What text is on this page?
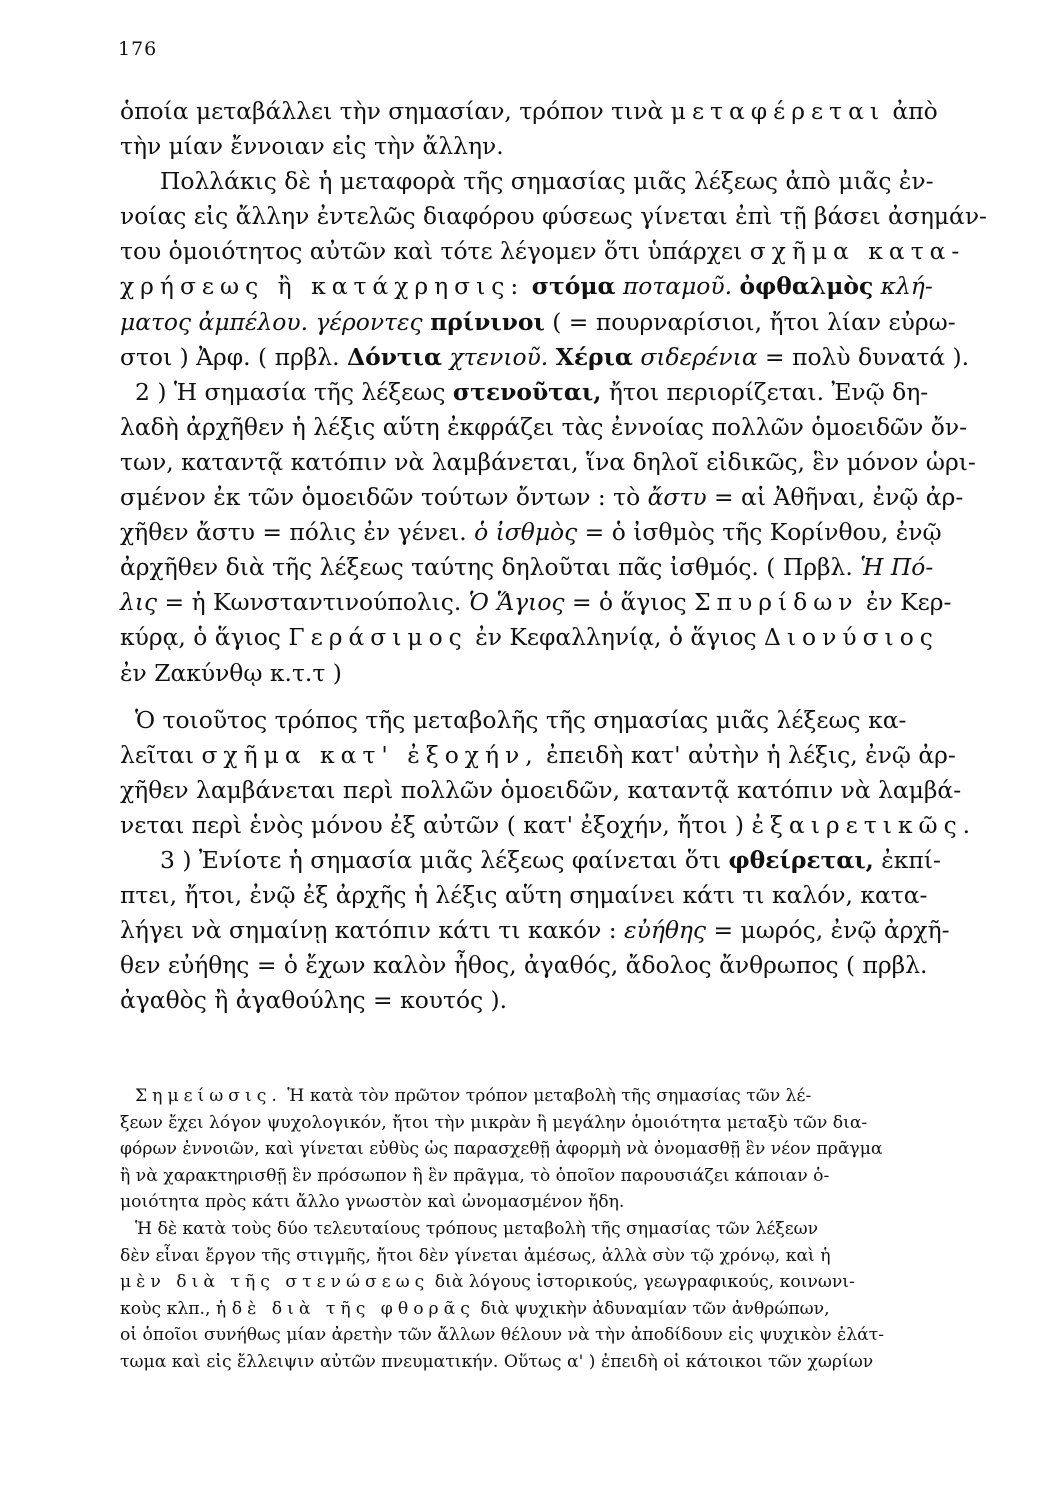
176
ὁποία μεταβάλλει τὴν σημασίαν, τρόπον τινὰ μεταφέρεται ἀπὸ
τὴν μίαν ἔννοιαν εἰς τὴν ἄλλην.
Πολλάκις δὲ ἡ μεταφορὰ τῆς σημασίας μιᾶς λέξεως ἀπὸ μιᾶς ἐν-
νοίας εἰς ἄλλην ἐντελῶς διαφόρου φύσεως γίνεται ἐπὶ τῇ βάσει ἀσημάν-
του ὁμοιότητος αὐτῶν καὶ τότε λέγομεν ὅτι ὑπάρχει σχῆμα κατα-
χρήσεως ἢ κατάχρησις: στόμα ποταμοῦ. ὀφθαλμὸς κλή-
ματος ἀμπέλου. γέροντες πρίνινοι ( = πουρναρίσιοι, ἤτοι λίαν εὐρω-
στοι ) Ἀρφ. ( πρβλ. Δόντια χτενιοῦ. Χέρια σιδερένια = πολὺ δυνατά ).
2 ) Ἡ σημασία τῆς λέξεως στενοῦται, ἤτοι περιορίζεται. Ἐνῷ δη-
λαδὴ ἀρχῆθεν ἡ λέξις αὕτη ἐκφράζει τὰς ἐννοίας πολλῶν ὁμοειδῶν ὄν-
των, καταντᾷ κατόπιν νὰ λαμβάνεται, ἵνα δηλοῖ εἰδικῶς, ἓν μόνον ὡρι-
σμένον ἐκ τῶν ὁμοειδῶν τούτων ὄντων : τὸ ἄστυ = αἱ Ἀθῆναι, ἐνῷ ἀρ-
χῆθεν ἄστυ = πόλις ἐν γένει. ὁ ἰσθμὸς = ὁ ἰσθμὸς τῆς Κορίνθου, ἐνῷ
ἀρχῆθεν διὰ τῆς λέξεως ταύτης δηλοῦται πᾶς ἰσθμός. ( Πρβλ. Ἡ Πό-
λις = ἡ Κωνσταντινούπολις. Ὁ Ἅγιος = ὁ ἅγιος Σπυρίδων ἐν Κερ-
κύρᾳ, ὁ ἅγιος Γεράσιμος ἐν Κεφαλληνίᾳ, ὁ ἅγιος Διονύσιος
ἐν Ζακύνθῳ κ.τ.τ )
Ὁ τοιοῦτος τρόπος τῆς μεταβολῆς τῆς σημασίας μιᾶς λέξεως κα-
λεῖται σχῆμα κατ' ἐξοχήν, ἐπειδὴ κατ' αὐτὴν ἡ λέξις, ἐνῷ ἀρ-
χῆθεν λαμβάνεται περὶ πολλῶν ὁμοειδῶν, καταντᾷ κατόπιν νὰ λαμβά-
νεται περὶ ἑνὸς μόνου ἐξ αὐτῶν ( κατ' ἐξοχήν, ἤτοι ) ἐξαιρετικῶς.
3 ) Ἐνίοτε ἡ σημασία μιᾶς λέξεως φαίνεται ὅτι φθείρεται, ἐκπί-
πτει, ἤτοι, ἐνῷ ἐξ ἀρχῆς ἡ λέξις αὕτη σημαίνει κάτι τι καλόν, κατα-
λήγει νὰ σημαίνῃ κατόπιν κάτι τι κακόν : εὐήθης = μωρός, ἐνῷ ἀρχῆ-
θεν εὐήθης = ὁ ἔχων καλὸν ἦθος, ἀγαθός, ἄδολος ἄνθρωπος ( πρβλ.
ἀγαθὸς ἢ ἀγαθούλης = κουτός ).
Σημείωσις. Ἡ κατὰ τὸν πρῶτον τρόπον μεταβολὴ τῆς σημασίας τῶν λέ-
ξεων ἔχει λόγον ψυχολογικόν, ἤτοι τὴν μικρὰν ἢ μεγάλην ὁμοιότητα μεταξὺ τῶν δια-
φόρων ἐννοιῶν, καὶ γίνεται εὐθὺς ὡς παρασχεθῇ ἀφορμὴ νὰ ὀνομασθῇ ἓν νέον πρᾶγμα
ἢ νὰ χαρακτηρισθῇ ἓν πρόσωπον ἢ ἓν πρᾶγμα, τὸ ὁποῖον παρουσιάζει κάποιαν ὁ-
μοιότητα πρὸς κάτι ἄλλο γνωστὸν καὶ ὠνομασμένον ἤδη.
Ἡ δὲ κατὰ τοὺς δύο τελευταίους τρόπους μεταβολὴ τῆς σημασίας τῶν λέξεων
δὲν εἶναι ἔργον τῆς στιγμῆς, ἤτοι δὲν γίνεται ἀμέσως, ἀλλὰ σὺν τῷ χρόνῳ, καὶ ἡ
μὲν διὰ τῆς στενώσεως διὰ λόγους ἱστορικούς, γεωγραφικούς, κοινωνι-
κοὺς κλπ., ἡ δὲ διὰ τῆς φθορᾶς διὰ ψυχικὴν ἀδυναμίαν τῶν ἀνθρώπων,
οἱ ὁποῖοι συνήθως μίαν ἀρετὴν τῶν ἄλλων θέλουν νὰ τὴν ἀποδίδουν εἰς ψυχικὸν ἐλάτ-
τωμα καὶ εἰς ἔλλειψιν αὐτῶν πνευματικήν. Οὕτως α' ) ἐπειδὴ οἱ κάτοικοι τῶν χωρίων
